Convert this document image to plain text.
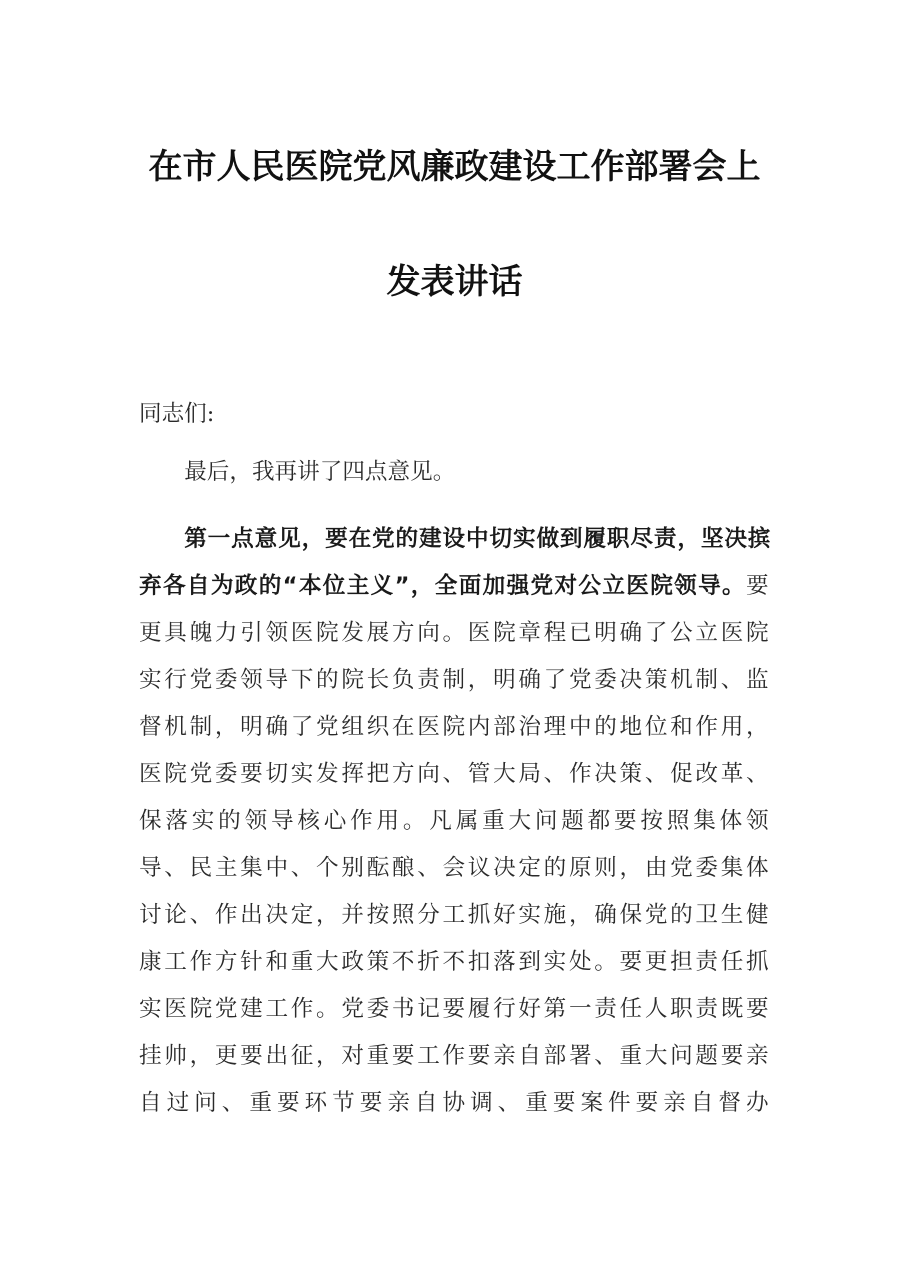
在市人民医院党风廉政建设工作部署会上
发表讲话
同志们:
最后，我再讲了四点意见。
第一点意见，要在党的建设中切实做到履职尽责，坚决摈弃各自为政的“本位主义”，全面加强党对公立医院领导。要更具魄力引领医院发展方向。医院章程已明确了公立医院实行党委领导下的院长负责制，明确了党委决策机制、监督机制，明确了党组织在医院内部治理中的地位和作用，医院党委要切实发挥把方向、管大局、作决策、促改革、保落实的领导核心作用。凡属重大问题都要按照集体领导、民主集中、个别酝酿、会议决定的原则，由党委集体讨论、作出决定，并按照分工抓好实施，确保党的卫生健康工作方针和重大政策不折不扣落到实处。要更担责任抓实医院党建工作。党委书记要履行好第一责任人职责既要挂帅，更要出征，对重要工作要亲自部署、重大问题要亲自过问、重要环节要亲自协调、重要案件要亲自督办
